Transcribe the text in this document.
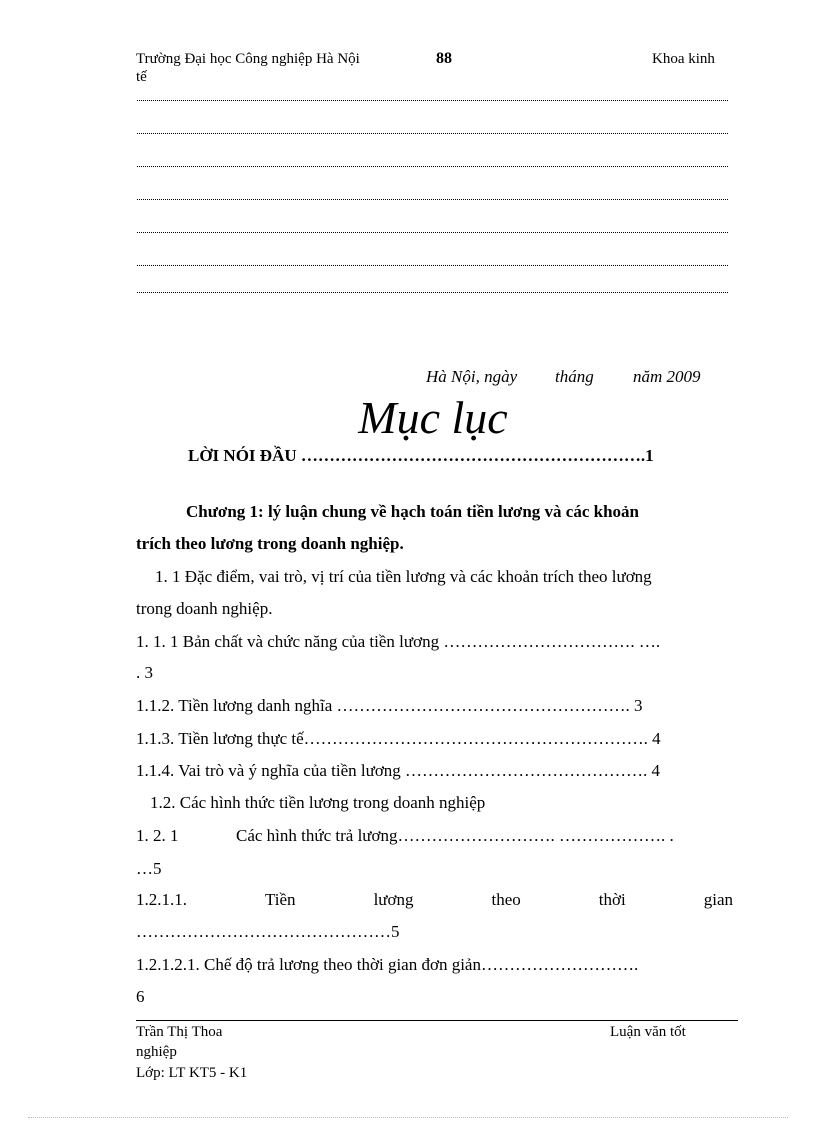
Trường Đại học Công nghiệp Hà Nội	88	Khoa kinh
tế
Hà Nội, ngày tháng năm 2009
Mục lục
LỜI NÓI ĐẦU …………………………………………………….1
Chương 1: lý luận chung về hạch toán tiền lương và các khoản
trích theo lương trong doanh nghiệp.
1. 1 Đặc điểm, vai trò, vị trí của tiền lương và các khoản trích theo lương
trong doanh nghiệp.
1. 1. 1 Bản chất và chức năng của tiền lương ……………………………. ….
. 3
1.1.2. Tiền lương danh nghĩa ……………………………………………. 3
1.1.3. Tiền lương thực tế……………………………………………………. 4
1.1.4. Vai trò và ý nghĩa của tiền lương ……………………………………. 4
1.2. Các hình thức tiền lương trong doanh nghiệp
1. 2. 1	Các hình thức trả lương………………………. ………………. .
…5
1.2.1.1.	Tiền	lương	theo	thời	gian
………………………………………5
1.2.1.2.1. Chế độ trả lương theo thời gian đơn giản……………………….
6
Trần Thị Thoa	Luận văn tốt
nghiệp
Lớp: LT KT5 - K1
